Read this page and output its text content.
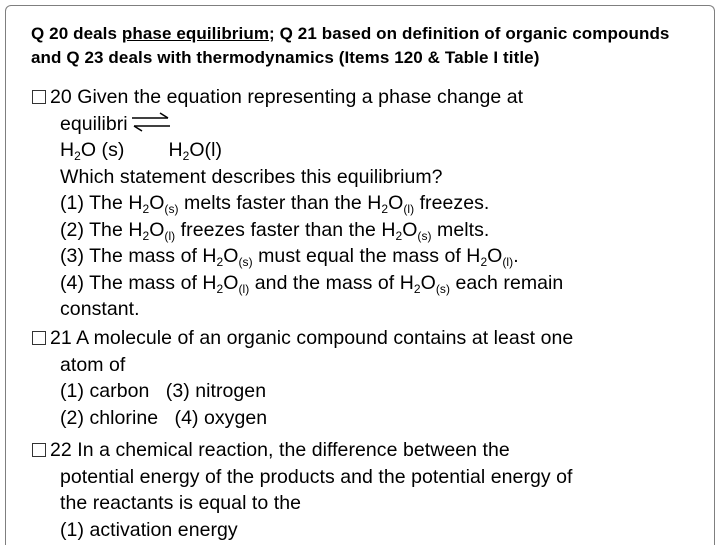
Q 20 deals phase equilibrium; Q 21 based on definition of organic compounds and Q 23 deals with thermodynamics (Items 120 & Table I title)
20 Given the equation representing a phase change at
equilibri
$H_2O$ (s) $H_2O(l)$
Which statement describes this equilibrium?
(1) The $H_2O_{(s)}$ melts faster than the $H_2O_{(l)}$ freezes.
(2) The $H_2O_{(l)}$ freezes faster than the $H_2O_{(s)}$ melts.
(3) The mass of $H_2O_{(s)}$ must equal the mass of $H_2O_{(l)}$.
(4) The mass of $H_2O_{(l)}$ and the mass of $H_2O_{(s)}$ each remain
constant.
21 A molecule of an organic compound contains at least one
atom of
(1) carbon   (3) nitrogen
(2) chlorine   (4) oxygen
22 In a chemical reaction, the difference between the
potential energy of the products and the potential energy of
the reactants is equal to the
(1) activation energy
